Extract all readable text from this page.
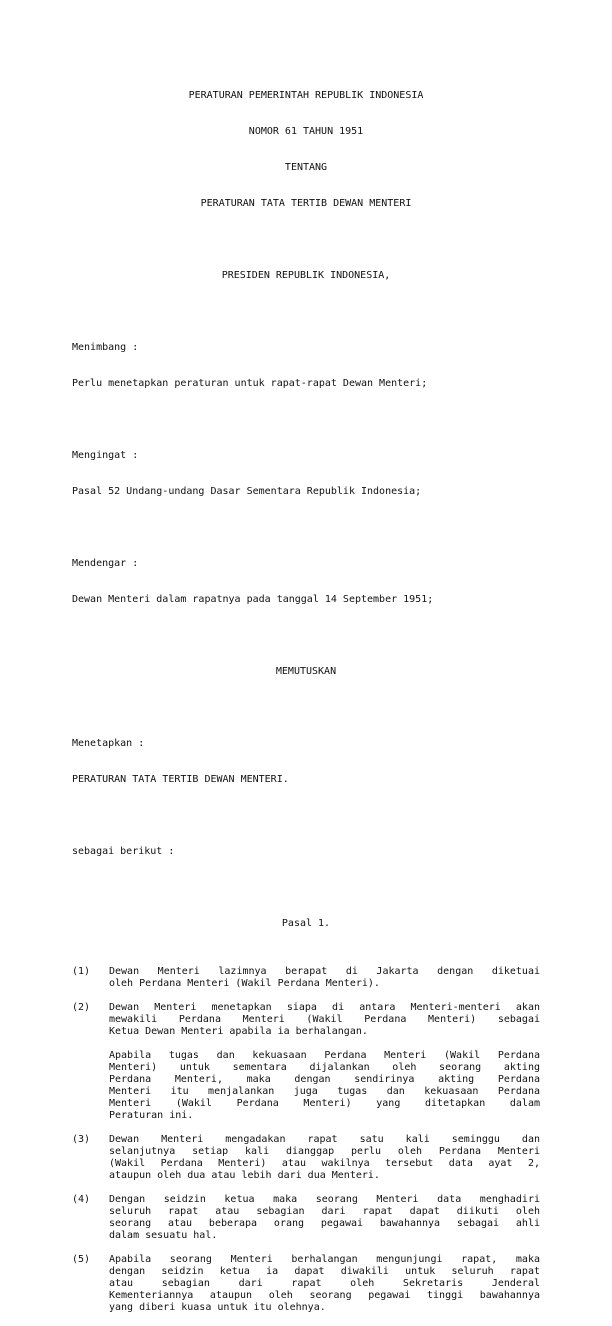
PERATURAN PEMERINTAH REPUBLIK INDONESIA

NOMOR 61 TAHUN 1951

TENTANG

PERATURAN TATA TERTIB DEWAN MENTERI

PRESIDEN REPUBLIK INDONESIA,

Menimbang :

Perlu menetapkan peraturan untuk rapat-rapat Dewan Menteri;

Mengingat :

Pasal 52 Undang-undang Dasar Sementara Republik Indonesia;

Mendengar :

Dewan Menteri dalam rapatnya pada tanggal 14 September 1951;

MEMUTUSKAN

Menetapkan :

PERATURAN TATA TERTIB DEWAN MENTERI.

sebagai berikut :

Pasal 1.

(1) Dewan Menteri lazimnya berapat di Jakarta dengan diketuai
oleh Perdana Menteri (Wakil Perdana Menteri).
(2) Dewan Menteri menetapkan siapa di antara Menteri-menteri akan
mewakili Perdana Menteri (Wakil Perdana Menteri) sebagai
Ketua Dewan Menteri apabila ia berhalangan.
Apabila tugas dan kekuasaan Perdana Menteri (Wakil Perdana
Menteri) untuk sementara dijalankan oleh seorang akting
Perdana Menteri, maka dengan sendirinya akting Perdana
Menteri itu menjalankan juga tugas dan kekuasaan Perdana
Menteri (Wakil Perdana Menteri) yang ditetapkan dalam
Peraturan ini.
(3) Dewan Menteri mengadakan rapat satu kali seminggu dan
selanjutnya setiap kali dianggap perlu oleh Perdana Menteri
(Wakil Perdana Menteri) atau wakilnya tersebut data ayat 2,
ataupun oleh dua atau lebih dari dua Menteri.
(4) Dengan seidzin ketua maka seorang Menteri data menghadiri
seluruh rapat atau sebagian dari rapat dapat diikuti oleh
seorang atau beberapa orang pegawai bawahannya sebagai ahli
dalam sesuatu hal.
(5) Apabila seorang Menteri berhalangan mengunjungi rapat, maka
dengan seidzin ketua ia dapat diwakili untuk seluruh rapat
atau sebagian dari rapat oleh Sekretaris Jenderal
Kementeriannya ataupun oleh seorang pegawai tinggi bawahannya
yang diberi kuasa untuk itu olehnya.
